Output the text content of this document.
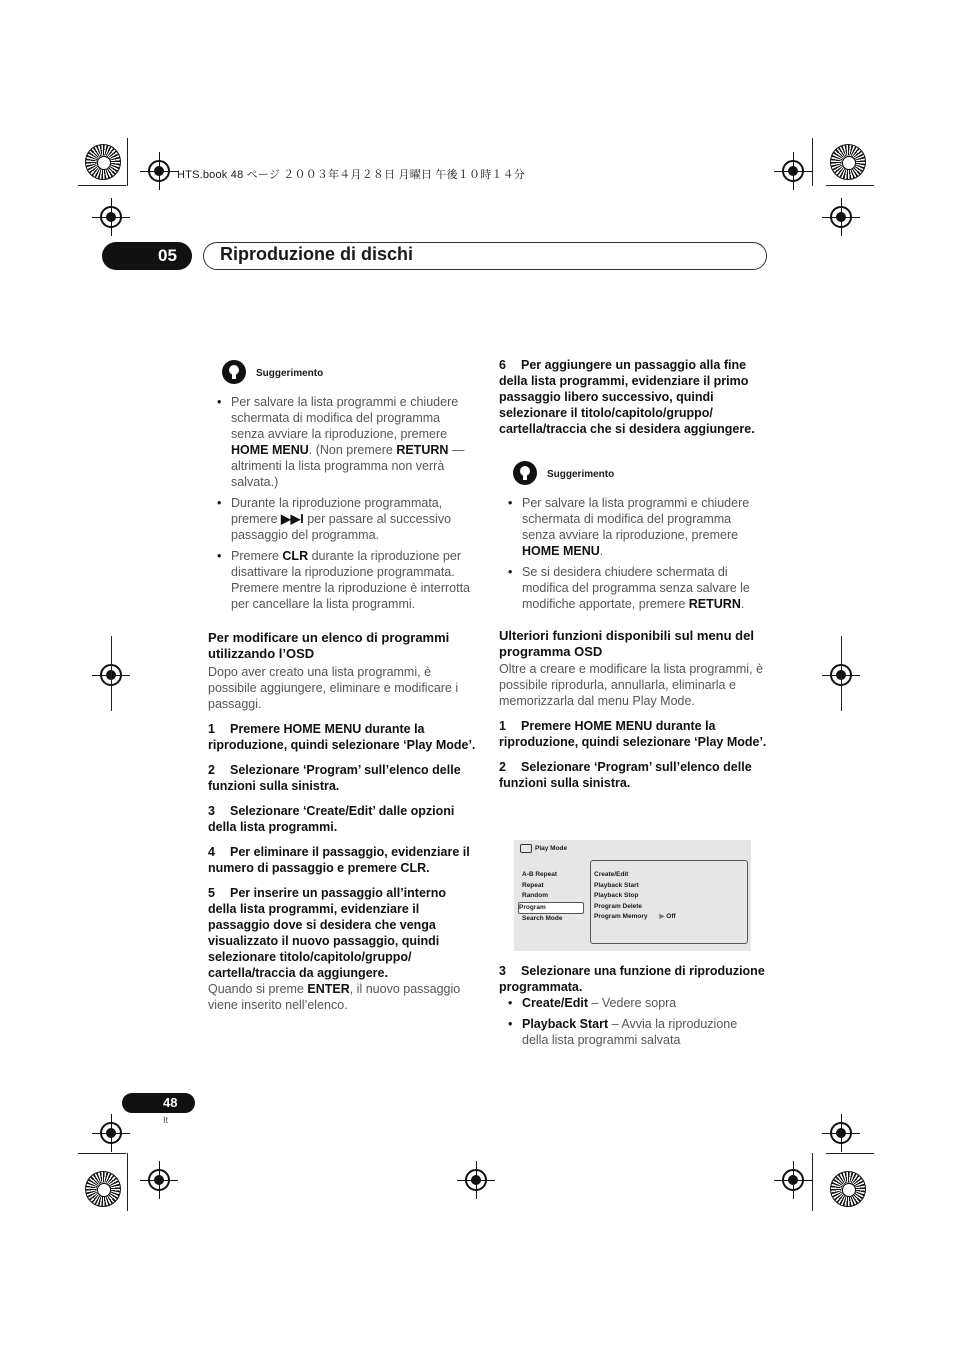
HTS.book 48 ページ ２００３年４月２８日 月曜日 午後１０時１４分
05 Riproduzione di dischi
Suggerimento
• Per salvare la lista programmi e chiudere schermata di modifica del programma senza avviare la riproduzione, premere HOME MENU. (Non premere RETURN — altrimenti la lista programma non verrà salvata.)
• Durante la riproduzione programmata, premere ▶▶I per passare al successivo passaggio del programma.
• Premere CLR durante la riproduzione per disattivare la riproduzione programmata. Premere mentre la riproduzione è interrotta per cancellare la lista programmi.

Per modificare un elenco di programmi utilizzando l’OSD

Dopo aver creato una lista programmi, è possibile aggiungere, eliminare e modificare i passaggi.

1 Premere HOME MENU durante la riproduzione, quindi selezionare ‘Play Mode’.

2 Selezionare ‘Program’ sull’elenco delle funzioni sulla sinistra.

3 Selezionare ‘Create/Edit’ dalle opzioni della lista programmi.

4 Per eliminare il passaggio, evidenziare il numero di passaggio e premere CLR.

5 Per inserire un passaggio all’interno della lista programmi, evidenziare il passaggio dove si desidera che venga visualizzato il nuovo passaggio, quindi selezionare titolo/capitolo/gruppo/ cartella/traccia da aggiungere.

Quando si preme ENTER, il nuovo passaggio viene inserito nell’elenco.

6 Per aggiungere un passaggio alla fine della lista programmi, evidenziare il primo passaggio libero successivo, quindi selezionare il titolo/capitolo/gruppo/ cartella/traccia che si desidera aggiungere.

Suggerimento
• Per salvare la lista programmi e chiudere schermata di modifica del programma senza avviare la riproduzione, premere HOME MENU.
• Se si desidera chiudere schermata di modifica del programma senza salvare le modifiche apportate, premere RETURN.

Ulteriori funzioni disponibili sul menu del programma OSD

Oltre a creare e modificare la lista programmi, è possibile riprodurla, annullarla, eliminarla e memorizzarla dal menu Play Mode.

1 Premere HOME MENU durante la riproduzione, quindi selezionare ‘Play Mode’.

2 Selezionare ‘Program’ sull’elenco delle funzioni sulla sinistra.

Play Mode
A-B Repeat
Repeat
Random
Program
Search Mode
Create/Edit
Playback Start
Playback Stop
Program Delete
Program Memory ▶ Off

3 Selezionare una funzione di riproduzione programmata.

• Create/Edit – Vedere sopra
• Playback Start – Avvia la riproduzione della lista programmi salvata
48
It
